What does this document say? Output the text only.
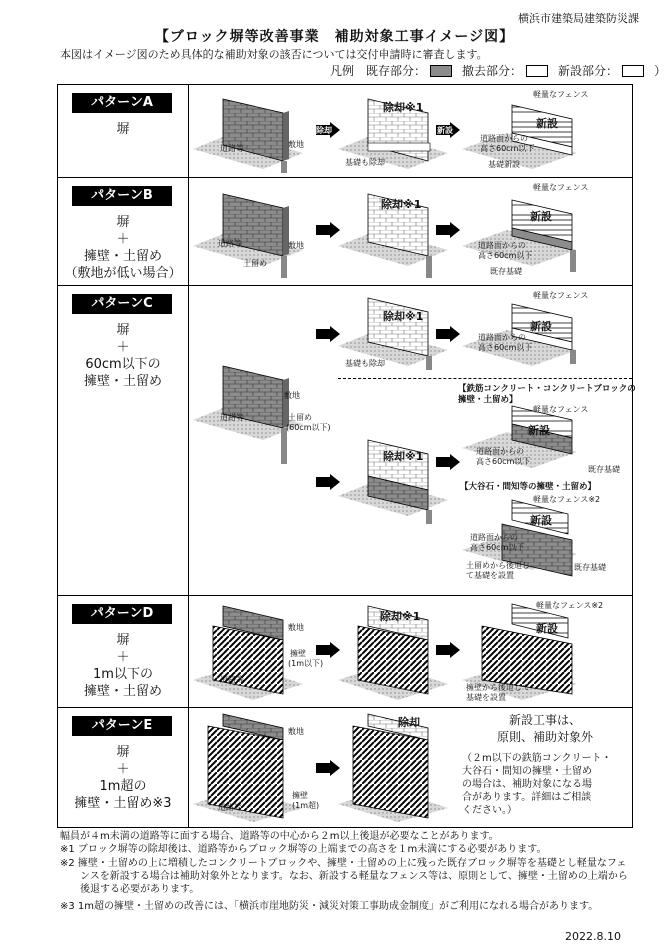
横浜市建築局建築防災課
【ブロック塀等改善事業　補助対象工事イメージ図】
本図はイメージ図のため具体的な補助対象の該否については交付申請時に審査します。
凡例 既存部分：	撤去部分：	新設部分：	）
パターンA
塀
道路等	敷地
除却
除却※1
基礎も除却
新設
軽量なフェンス
新設
道路面からの
高さ60cm以下
基礎新設
パターンB
塀
＋
擁壁・土留め
（敷地が低い場合）
道路等	敷地
土留め
除却※1
軽量なフェンス
新設
道路面からの
高さ60cm以下
既存基礎
パターンC
塀
＋
60cm以下の
擁壁・土留め
道路等
敷地
土留め
(60cm以下)
除却※1
基礎も除却
軽量なフェンス
新設
道路面からの
高さ60cm以下
【鉄筋コンクリート・コンクリートブロックの
擁壁・土留め】
除却※1
軽量なフェンス
新設
道路面からの
高さ60cm以下
既存基礎
【大谷石・間知等の擁壁・土留め】
軽量なフェンス※2
新設
道路面からの
高さ60cm以下
土留めから後退し
て基礎を設置
既存基礎
パターンD
塀
＋
1m以下の
擁壁・土留め
道路等
敷地
擁壁
(1m以下)
除却※1
軽量なフェンス※2
新設
擁壁から後退して
基礎を設置
パターンE
塀
＋
1m超の
擁壁・土留め※3	道路等
敷地
擁壁
(1m超)
除却	新設工事は、
原則、補助対象外
（２m以下の鉄筋コンクリート・
大谷石・間知の擁壁・土留め
の場合は、補助対象になる場
合があります。詳細はご相談
ください。）
幅員が４m未満の道路等に面する場合、道路等の中心から２m以上後退が必要なことがあります。
※1 ブロック塀等の除却後は、道路等からブロック塀等の上端までの高さを１m未満にする必要があります。
※2 擁壁・土留めの上に増積したコンクリートブロックや、擁壁・土留めの上に残った既存ブロック塀等を基礎とし軽量なフェ
ンスを新設する場合は補助対象外となります。なお、新設する軽量なフェンス等は、原則として、擁壁・土留めの上端から
後退する必要があります。
※3 1m超の擁壁・土留めの改善には、「横浜市崖地防災・減災対策工事助成金制度」がご利用になれる場合があります。
2022.8.10
